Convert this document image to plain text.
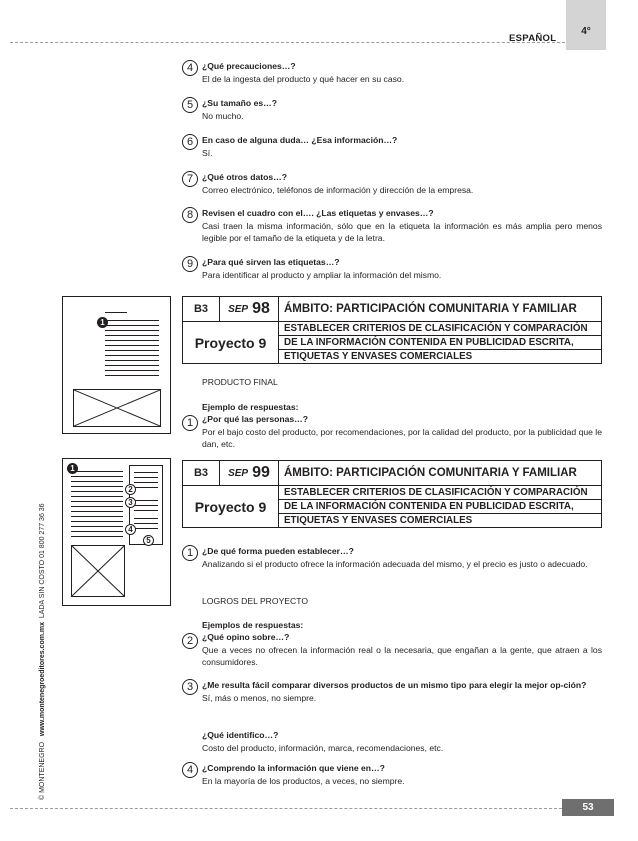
ESPAÑOL
4°
© MONTENEGRO   www.montenegroeditores.com.mx  LADA SIN COSTO 01 800 277 36 36
4	¿Qué precauciones…?
El de la ingesta del producto y qué hacer en su caso.
5	¿Su tamaño es…?
No mucho.
6	En caso de alguna duda… ¿Esa información…?
Sí.
7	¿Qué otros datos…?
Correo electrónico, teléfonos de información y dirección de la empresa.
8	Revisen el cuadro con el…. ¿Las etiquetas y envases…?
Casi traen la misma información, sólo que en la etiqueta la información es más amplia pero menos legible por el tamaño de la etiqueta y de la letra.
9	¿Para qué sirven las etiquetas…?
Para identificar al producto y ampliar la información del mismo.
1
B3	SEP 98	ÁMBITO: PARTICIPACIÓN COMUNITARIA Y FAMILIAR
Proyecto 9
ESTABLECER CRITERIOS DE CLASIFICACIÓN Y COMPARACIÓN
DE LA INFORMACIÓN CONTENIDA EN PUBLICIDAD ESCRITA,
ETIQUETAS Y ENVASES COMERCIALES
PRODUCTO FINAL
Ejemplo de respuestas:
1	¿Por qué las personas…?
Por el bajo costo del producto, por recomendaciones, por la calidad del producto, por la publicidad que le dan, etc.
1
2
3
4
5
B3	SEP 99	ÁMBITO: PARTICIPACIÓN COMUNITARIA Y FAMILIAR
Proyecto 9
ESTABLECER CRITERIOS DE CLASIFICACIÓN Y COMPARACIÓN
DE LA INFORMACIÓN CONTENIDA EN PUBLICIDAD ESCRITA,
ETIQUETAS Y ENVASES COMERCIALES
1	¿De qué forma pueden establecer…?
Analizando si el producto ofrece la información adecuada del mismo, y el precio es justo o adecuado.
LOGROS DEL PROYECTO
Ejemplos de respuestas:
2	¿Qué opino sobre…?
Que a veces no ofrecen la información real o la necesaria, que engañan a la gente, que atraen a los consumidores.
3	¿Me resulta fácil comparar diversos productos de un mismo tipo para elegir la mejor op-ción?
Sí, más o menos, no siempre.
¿Qué identifico…?
Costo del producto, información, marca, recomendaciones, etc.
4	¿Comprendo la información que viene en…?
En la mayoría de los productos, a veces, no siempre.
53
